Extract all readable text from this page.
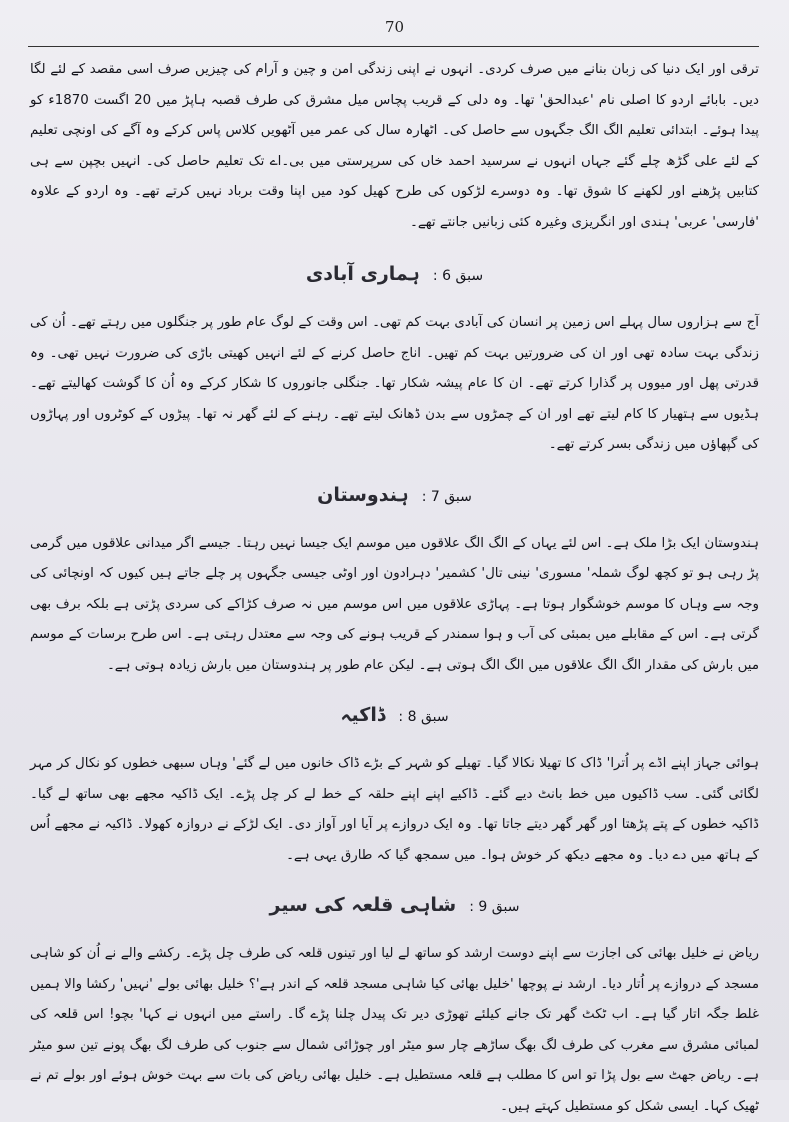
70

ترقی اور ایک دنیا کی زبان بنانے میں صرف کردی۔ انہوں نے اپنی زندگی امن و چین و آرام کی چیزیں صرف اسی مقصد کے لئے لگا دیں۔ بابائے اردو کا اصلی نام 'عبدالحق' تھا۔ وہ دلی کے قریب پچاس میل مشرق کی طرف قصبہ ہاپڑ میں 20 اگست 1870ء کو پیدا ہوئے۔ ابتدائی تعلیم الگ الگ جگہوں سے حاصل کی۔ اٹھارہ سال کی عمر میں آٹھویں کلاس پاس کرکے وہ آگے کی اونچی تعلیم کے لئے علی گڑھ چلے گئے جہاں انہوں نے سرسید احمد خاں کی سرپرستی میں بی۔اے تک تعلیم حاصل کی۔ انہیں بچپن سے ہی کتابیں پڑھنے اور لکھنے کا شوق تھا۔ وہ دوسرے لڑکوں کی طرح کھیل کود میں اپنا وقت برباد نہیں کرتے تھے۔ وہ اردو کے علاوہ 'فارسی' عربی' ہندی اور انگریزی وغیرہ کئی زبانیں جانتے تھے۔

سبق 6 : ہماری آبادی

آج سے ہزاروں سال پہلے اس زمین پر انسان کی آبادی بہت کم تھی۔ اس وقت کے لوگ عام طور پر جنگلوں میں رہتے تھے۔ اُن کی زندگی بہت سادہ تھی اور ان کی ضرورتیں بہت کم تھیں۔ اناج حاصل کرنے کے لئے انہیں کھیتی باڑی کی ضرورت نہیں تھی۔ وہ قدرتی پھل اور میووں پر گذارا کرتے تھے۔ ان کا عام پیشہ شکار تھا۔ جنگلی جانوروں کا شکار کرکے وہ اُن کا گوشت کھالیتے تھے۔ ہڈیوں سے ہتھیار کا کام لیتے تھے اور ان کے چمڑوں سے بدن ڈھانک لیتے تھے۔ رہنے کے لئے گھر نہ تھا۔ پیڑوں کے کوٹروں اور پہاڑوں کی گپھاؤں میں زندگی بسر کرتے تھے۔

سبق 7 : ہندوستان

ہندوستان ایک بڑا ملک ہے۔ اس لئے یہاں کے الگ الگ علاقوں میں موسم ایک جیسا نہیں رہتا۔ جیسے اگر میدانی علاقوں میں گرمی پڑ رہی ہو تو کچھ لوگ شملہ' مسوری' نینی تال' کشمیر' دہرادون اور اوٹی جیسی جگہوں پر چلے جاتے ہیں کیوں کہ اونچائی کی وجہ سے وہاں کا موسم خوشگوار ہوتا ہے۔ پہاڑی علاقوں میں اس موسم میں نہ صرف کڑاکے کی سردی پڑتی ہے بلکہ برف بھی گرتی ہے۔ اس کے مقابلے میں بمبئی کی آب و ہوا سمندر کے قریب ہونے کی وجہ سے معتدل رہتی ہے۔ اس طرح برسات کے موسم میں بارش کی مقدار الگ الگ علاقوں میں الگ الگ ہوتی ہے۔ لیکن عام طور پر ہندوستان میں بارش زیادہ ہوتی ہے۔

سبق 8 : ڈاکیہ

ہوائی جہاز اپنے اڈے پر اُترا' ڈاک کا تھیلا نکالا گیا۔ تھیلے کو شہر کے بڑے ڈاک خانوں میں لے گئے' وہاں سبھی خطوں کو نکال کر مہر لگائی گئی۔ سب ڈاکیوں میں خط بانٹ دیے گئے۔ ڈاکیے اپنے اپنے حلقہ کے خط لے کر چل پڑے۔ ایک ڈاکیہ مجھے بھی ساتھ لے گیا۔ ڈاکیہ خطوں کے پتے پڑھتا اور گھر گھر دیتے جاتا تھا۔ وہ ایک دروازے پر آیا اور آواز دی۔ ایک لڑکے نے دروازہ کھولا۔ ڈاکیہ نے مجھے اُس کے ہاتھ میں دے دیا۔ وہ مجھے دیکھ کر خوش ہوا۔ میں سمجھ گیا کہ طارق یہی ہے۔

سبق 9 : شاہی قلعہ کی سیر

ریاض نے خلیل بھائی کی اجازت سے اپنے دوست ارشد کو ساتھ لے لیا اور تینوں قلعہ کی طرف چل پڑے۔ رکشے والے نے اُن کو شاہی مسجد کے دروازے پر اُتار دیا۔ ارشد نے پوچھا 'خلیل بھائی کیا شاہی مسجد قلعہ کے اندر ہے'؟ خلیل بھائی بولے 'نہیں' رکشا والا ہمیں غلط جگہ اتار گیا ہے۔ اب ٹکٹ گھر تک جانے کیلئے تھوڑی دیر تک پیدل چلنا پڑے گا۔ راستے میں انہوں نے کہا' بچو! اس قلعہ کی لمبائی مشرق سے مغرب کی طرف لگ بھگ ساڑھے چار سو میٹر اور چوڑائی شمال سے جنوب کی طرف لگ بھگ پونے تین سو میٹر ہے۔ ریاض جھٹ سے بول پڑا تو اس کا مطلب ہے قلعہ مستطیل ہے۔ خلیل بھائی ریاض کی بات سے بہت خوش ہوئے اور بولے تم نے ٹھیک کہا۔ ایسی شکل کو مستطیل کہتے ہیں۔
